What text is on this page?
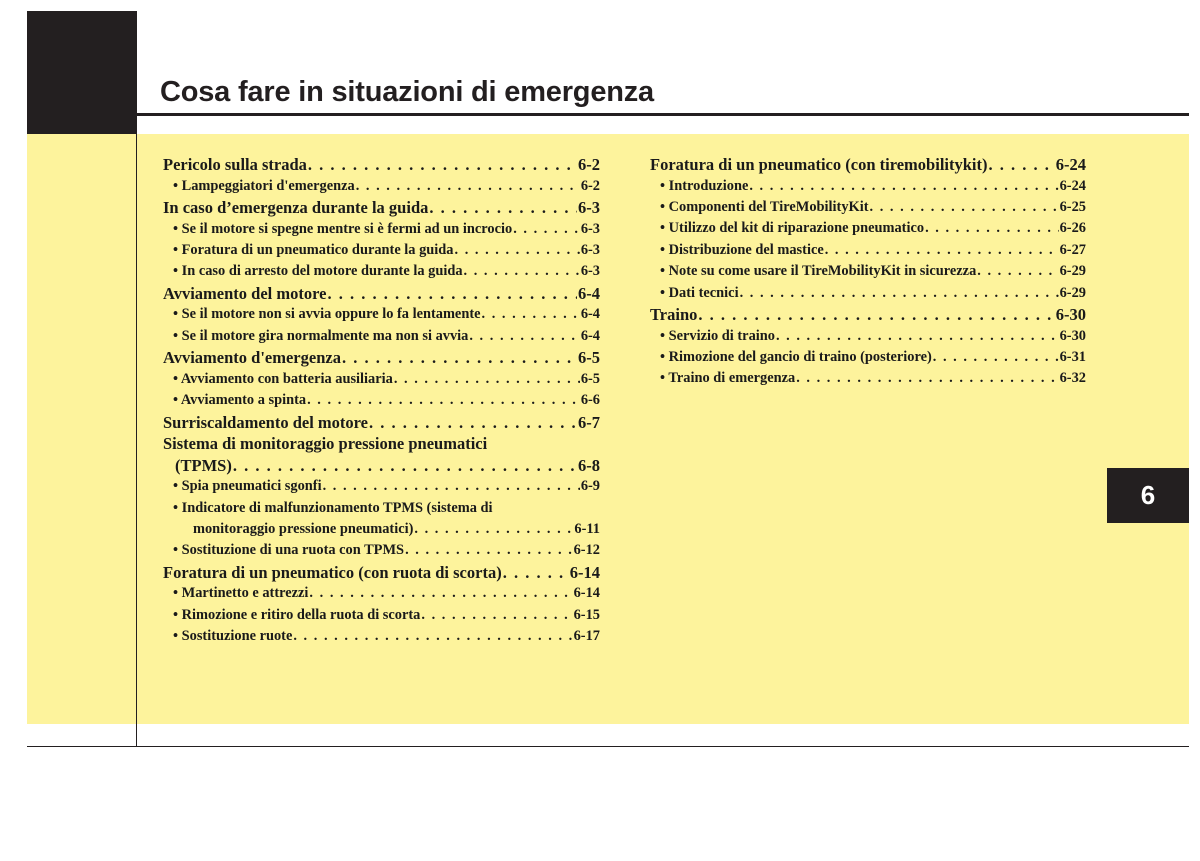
Cosa fare in situazioni di emergenza
6
Pericolo sulla strada . . .	6-2
• Lampeggiatori d'emergenza . . .	6-2
In caso d’emergenza durante la guida . . .	6-3
• Se il motore si spegne mentre si è fermi ad un incrocio . . .	6-3
• Foratura di un pneumatico durante la guida . . .	6-3
• In caso di arresto del motore durante la guida . . .	6-3
Avviamento del motore . . .	6-4
• Se il motore non si avvia oppure lo fa lentamente . . .	6-4
• Se il motore gira normalmente ma non si avvia . . .	6-4
Avviamento d'emergenza . . .	6-5
• Avviamento con batteria ausiliaria . . .	6-5
• Avviamento a spinta . . .	6-6
Surriscaldamento del motore . . .	6-7
Sistema di monitoraggio pressione pneumatici
(TPMS) . . .	6-8
• Spia pneumatici sgonfi . . .	6-9
• Indicatore di malfunzionamento TPMS (sistema di
monitoraggio pressione pneumatici) . . .	6-11
• Sostituzione di una ruota con TPMS . . .	6-12
Foratura di un pneumatico (con ruota di scorta) . . .	6-14
• Martinetto e attrezzi . . .	6-14
• Rimozione e ritiro della ruota di scorta . . .	6-15
• Sostituzione ruote . . .	6-17
Foratura di un pneumatico (con tiremobilitykit) . . .	6-24
• Introduzione . . .	6-24
• Componenti del TireMobilityKit . . .	6-25
• Utilizzo del kit di riparazione pneumatico . . .	6-26
• Distribuzione del mastice . . .	6-27
• Note su come usare il TireMobilityKit in sicurezza . . .	6-29
• Dati tecnici . . .	6-29
Traino . . .	6-30
• Servizio di traino . . .	6-30
• Rimozione del gancio di traino (posteriore) . . .	6-31
• Traino di emergenza . . .	6-32
